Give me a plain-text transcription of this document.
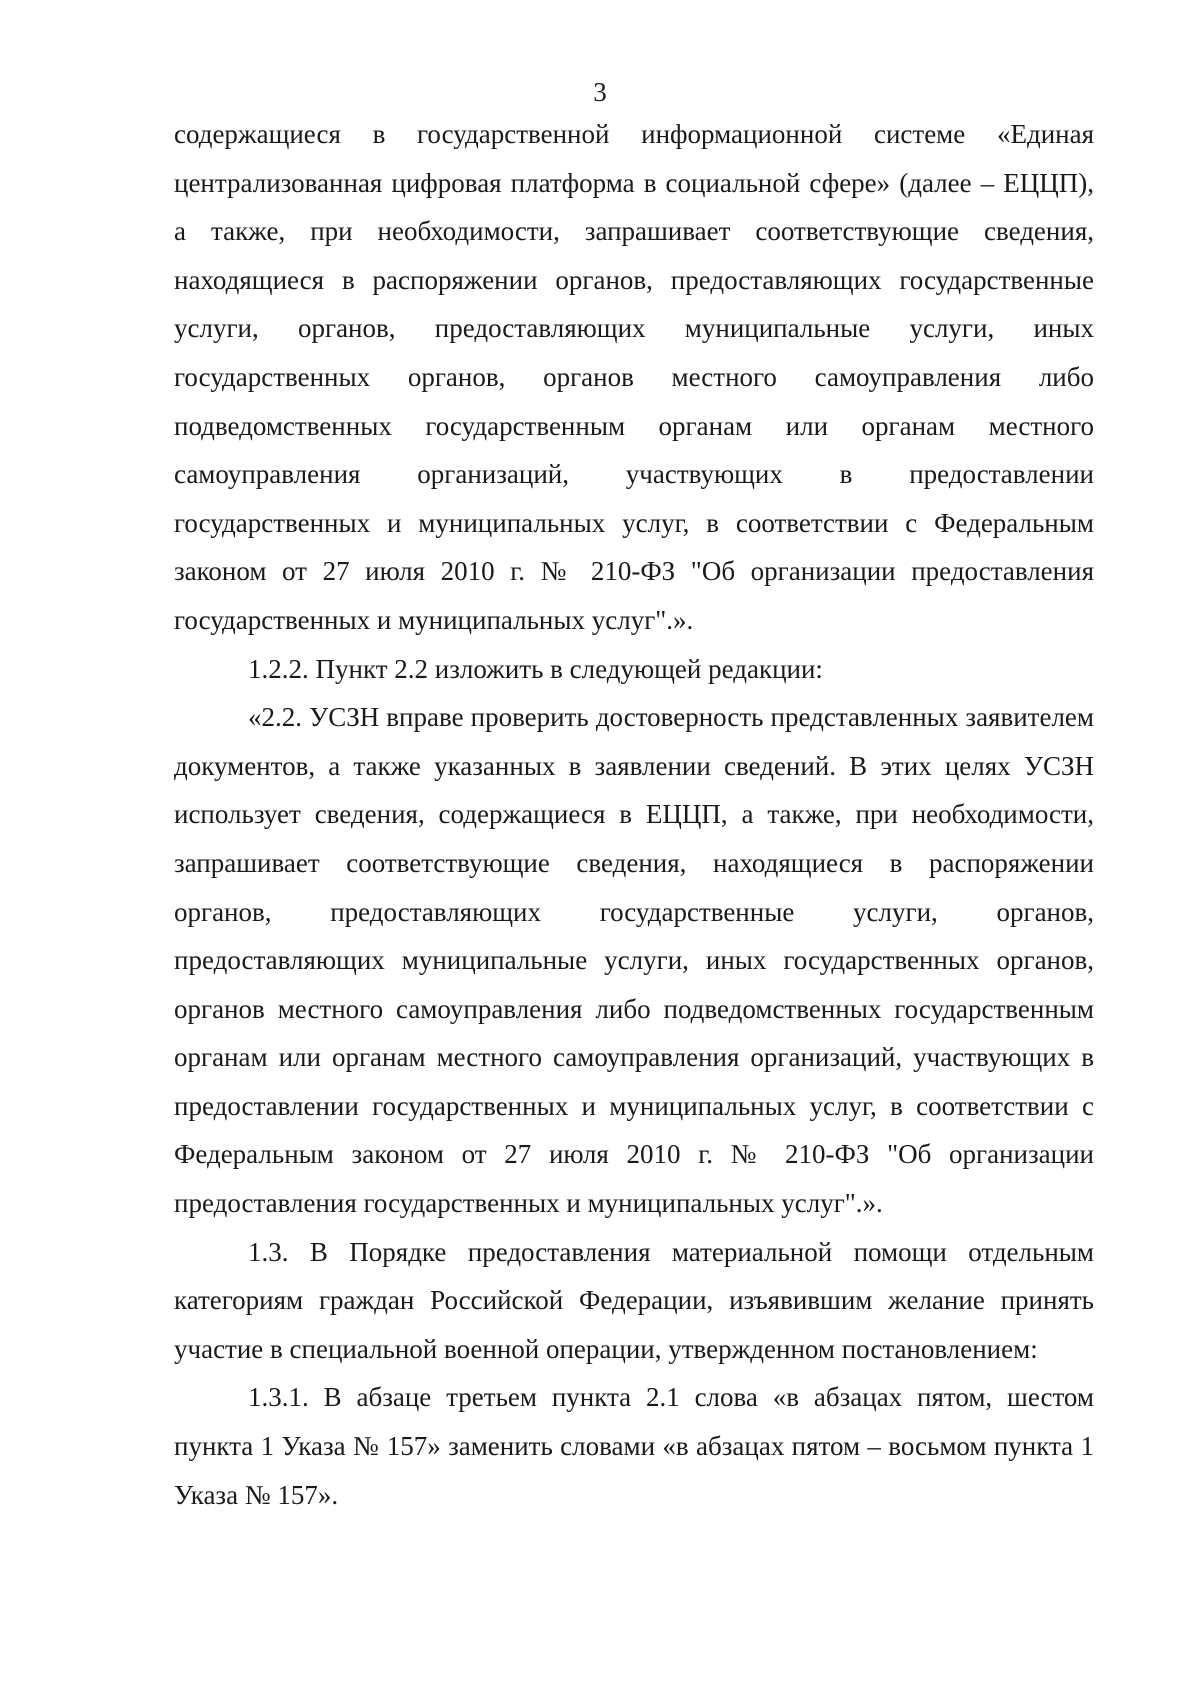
3

содержащиеся в государственной информационной системе «Единая централизованная цифровая платформа в социальной сфере» (далее – ЕЦЦП), а также, при необходимости, запрашивает соответствующие сведения, находящиеся в распоряжении органов, предоставляющих государственные услуги, органов, предоставляющих муниципальные услуги, иных государственных органов, органов местного самоуправления либо подведомственных государственным органам или органам местного самоуправления организаций, участвующих в предоставлении государственных и муниципальных услуг, в соответствии с Федеральным законом от 27 июля 2010 г. № 210-ФЗ "Об организации предоставления государственных и муниципальных услуг".».

1.2.2. Пункт 2.2 изложить в следующей редакции:

«2.2. УСЗН вправе проверить достоверность представленных заявителем документов, а также указанных в заявлении сведений. В этих целях УСЗН использует сведения, содержащиеся в ЕЦЦП, а также, при необходимости, запрашивает соответствующие сведения, находящиеся в распоряжении органов, предоставляющих государственные услуги, органов, предоставляющих муниципальные услуги, иных государственных органов, органов местного самоуправления либо подведомственных государственным органам или органам местного самоуправления организаций, участвующих в предоставлении государственных и муниципальных услуг, в соответствии с Федеральным законом от 27 июля 2010 г. № 210-ФЗ "Об организации предоставления государственных и муниципальных услуг".».

1.3. В Порядке предоставления материальной помощи отдельным категориям граждан Российской Федерации, изъявившим желание принять участие в специальной военной операции, утвержденном постановлением:

1.3.1. В абзаце третьем пункта 2.1 слова «в абзацах пятом, шестом пункта 1 Указа № 157» заменить словами «в абзацах пятом – восьмом пункта 1 Указа № 157».
